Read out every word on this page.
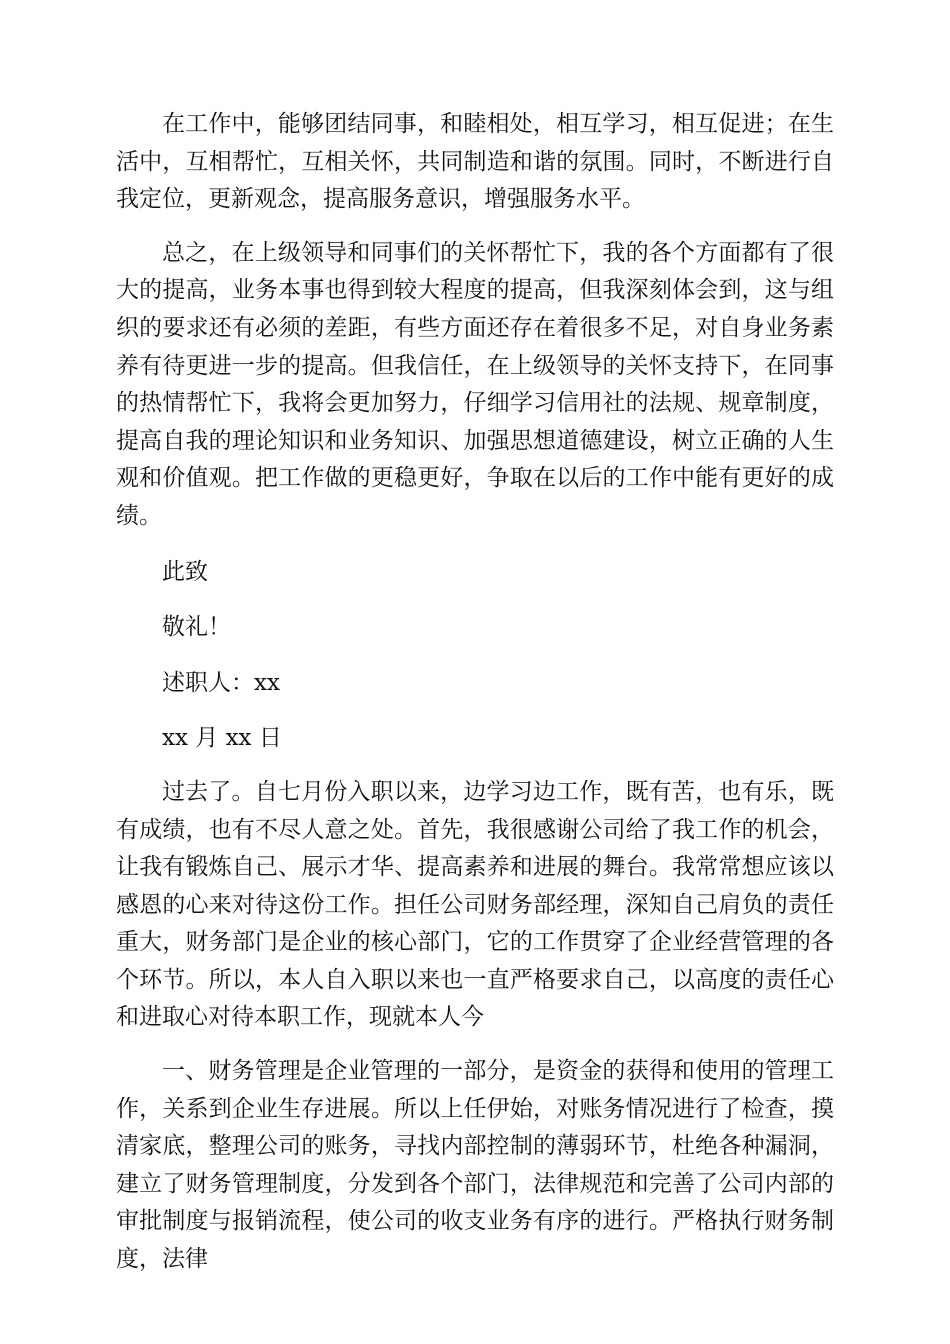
在工作中，能够团结同事，和睦相处，相互学习，相互促进；在生活中，互相帮忙，互相关怀，共同制造和谐的氛围。同时，不断进行自我定位，更新观念，提高服务意识，增强服务水平。

总之，在上级领导和同事们的关怀帮忙下，我的各个方面都有了很大的提高，业务本事也得到较大程度的提高，但我深刻体会到，这与组织的要求还有必须的差距，有些方面还存在着很多不足，对自身业务素养有待更进一步的提高。但我信任，在上级领导的关怀支持下，在同事的热情帮忙下，我将会更加努力，仔细学习信用社的法规、规章制度，提高自我的理论知识和业务知识、加强思想道德建设，树立正确的人生观和价值观。把工作做的更稳更好，争取在以后的工作中能有更好的成绩。

此致

敬礼！

述职人：xx

xx 月 xx 日

过去了。自七月份入职以来，边学习边工作，既有苦，也有乐，既有成绩，也有不尽人意之处。首先，我很感谢公司给了我工作的机会，让我有锻炼自己、展示才华、提高素养和进展的舞台。我常常想应该以感恩的心来对待这份工作。担任公司财务部经理，深知自己肩负的责任重大，财务部门是企业的核心部门，它的工作贯穿了企业经营管理的各个环节。所以，本人自入职以来也一直严格要求自己，以高度的责任心和进取心对待本职工作，现就本人今

一、财务管理是企业管理的一部分，是资金的获得和使用的管理工作，关系到企业生存进展。所以上任伊始，对账务情况进行了检查，摸清家底，整理公司的账务，寻找内部控制的薄弱环节，杜绝各种漏洞，建立了财务管理制度，分发到各个部门，法律规范和完善了公司内部的审批制度与报销流程，使公司的收支业务有序的进行。严格执行财务制度，法律
